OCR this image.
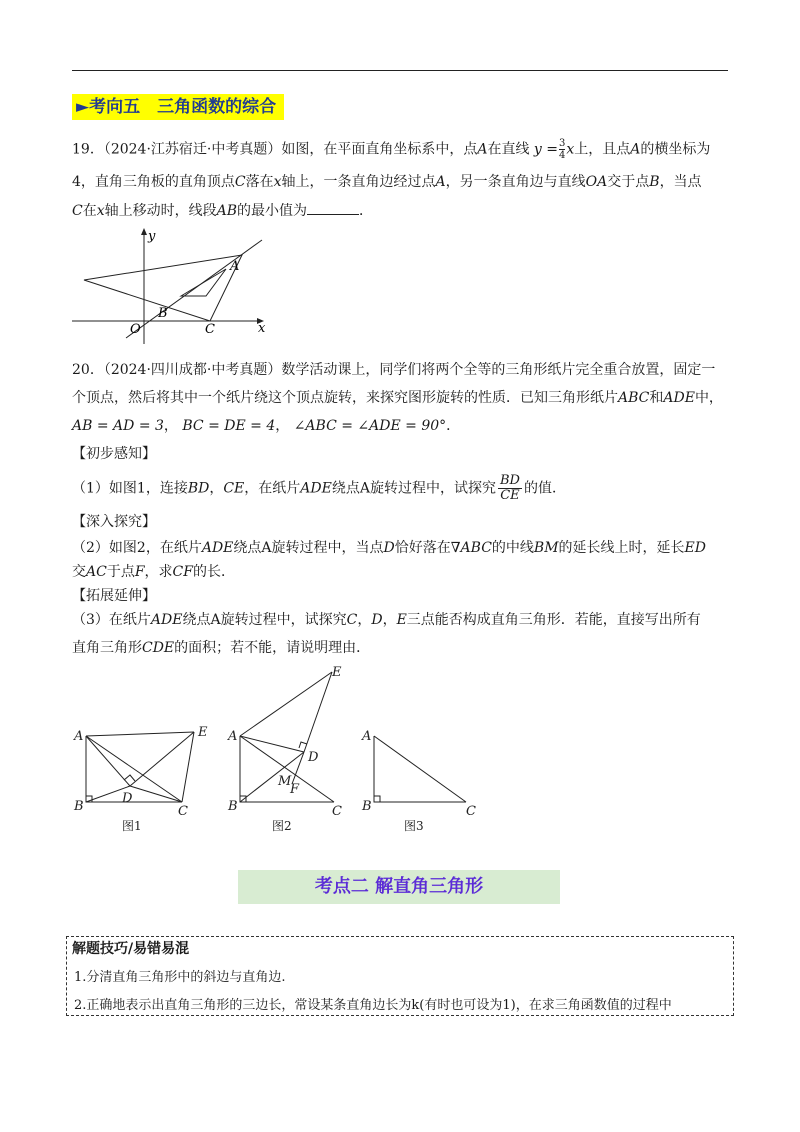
►考向五　三角函数的综合
19．（2024·江苏宿迁·中考真题）如图，在平面直角坐标系中，点A在直线 $y = \frac{3}{4}x$上，且点A的横坐标为
4，直角三角板的直角顶点C落在x轴上，一条直角边经过点A，另一条直角边与直线OA交于点B，当点
C在x轴上移动时，线段AB的最小值为	．
y
x
A
B
C
O
20．（2024·四川成都·中考真题）数学活动课上，同学们将两个全等的三角形纸片完全重合放置，固定一
个顶点，然后将其中一个纸片绕这个顶点旋转，来探究图形旋转的性质．已知三角形纸片ABC和ADE中，
AB = AD = 3， BC = DE = 4， ∠ABC = ∠ADE = 90°．
【初步感知】
（1）如图1，连接BD，CE，在纸片ADE绕点A旋转过程中，试探究 $\frac{BD}{CE}$ 的值．
【深入探究】
（2）如图2，在纸片ADE绕点A旋转过程中，当点D恰好落在∇ABC的中线BM的延长线上时，延长ED
交AC于点F，求CF的长．
【拓展延伸】
（3）在纸片ADE绕点A旋转过程中，试探究C，D，E三点能否构成直角三角形．若能，直接写出所有
直角三角形CDE的面积；若不能，请说明理由．
A
B	C
D
E A
B	C
D
E
M
F
A
B	C
图1	图2	图3
考点二 解直角三角形
解题技巧/易错易混
1.分清直角三角形中的斜边与直角边.
2.正确地表示出直角三角形的三边长，常设某条直角边长为k(有时也可设为1)，在求三角函数值的过程中
